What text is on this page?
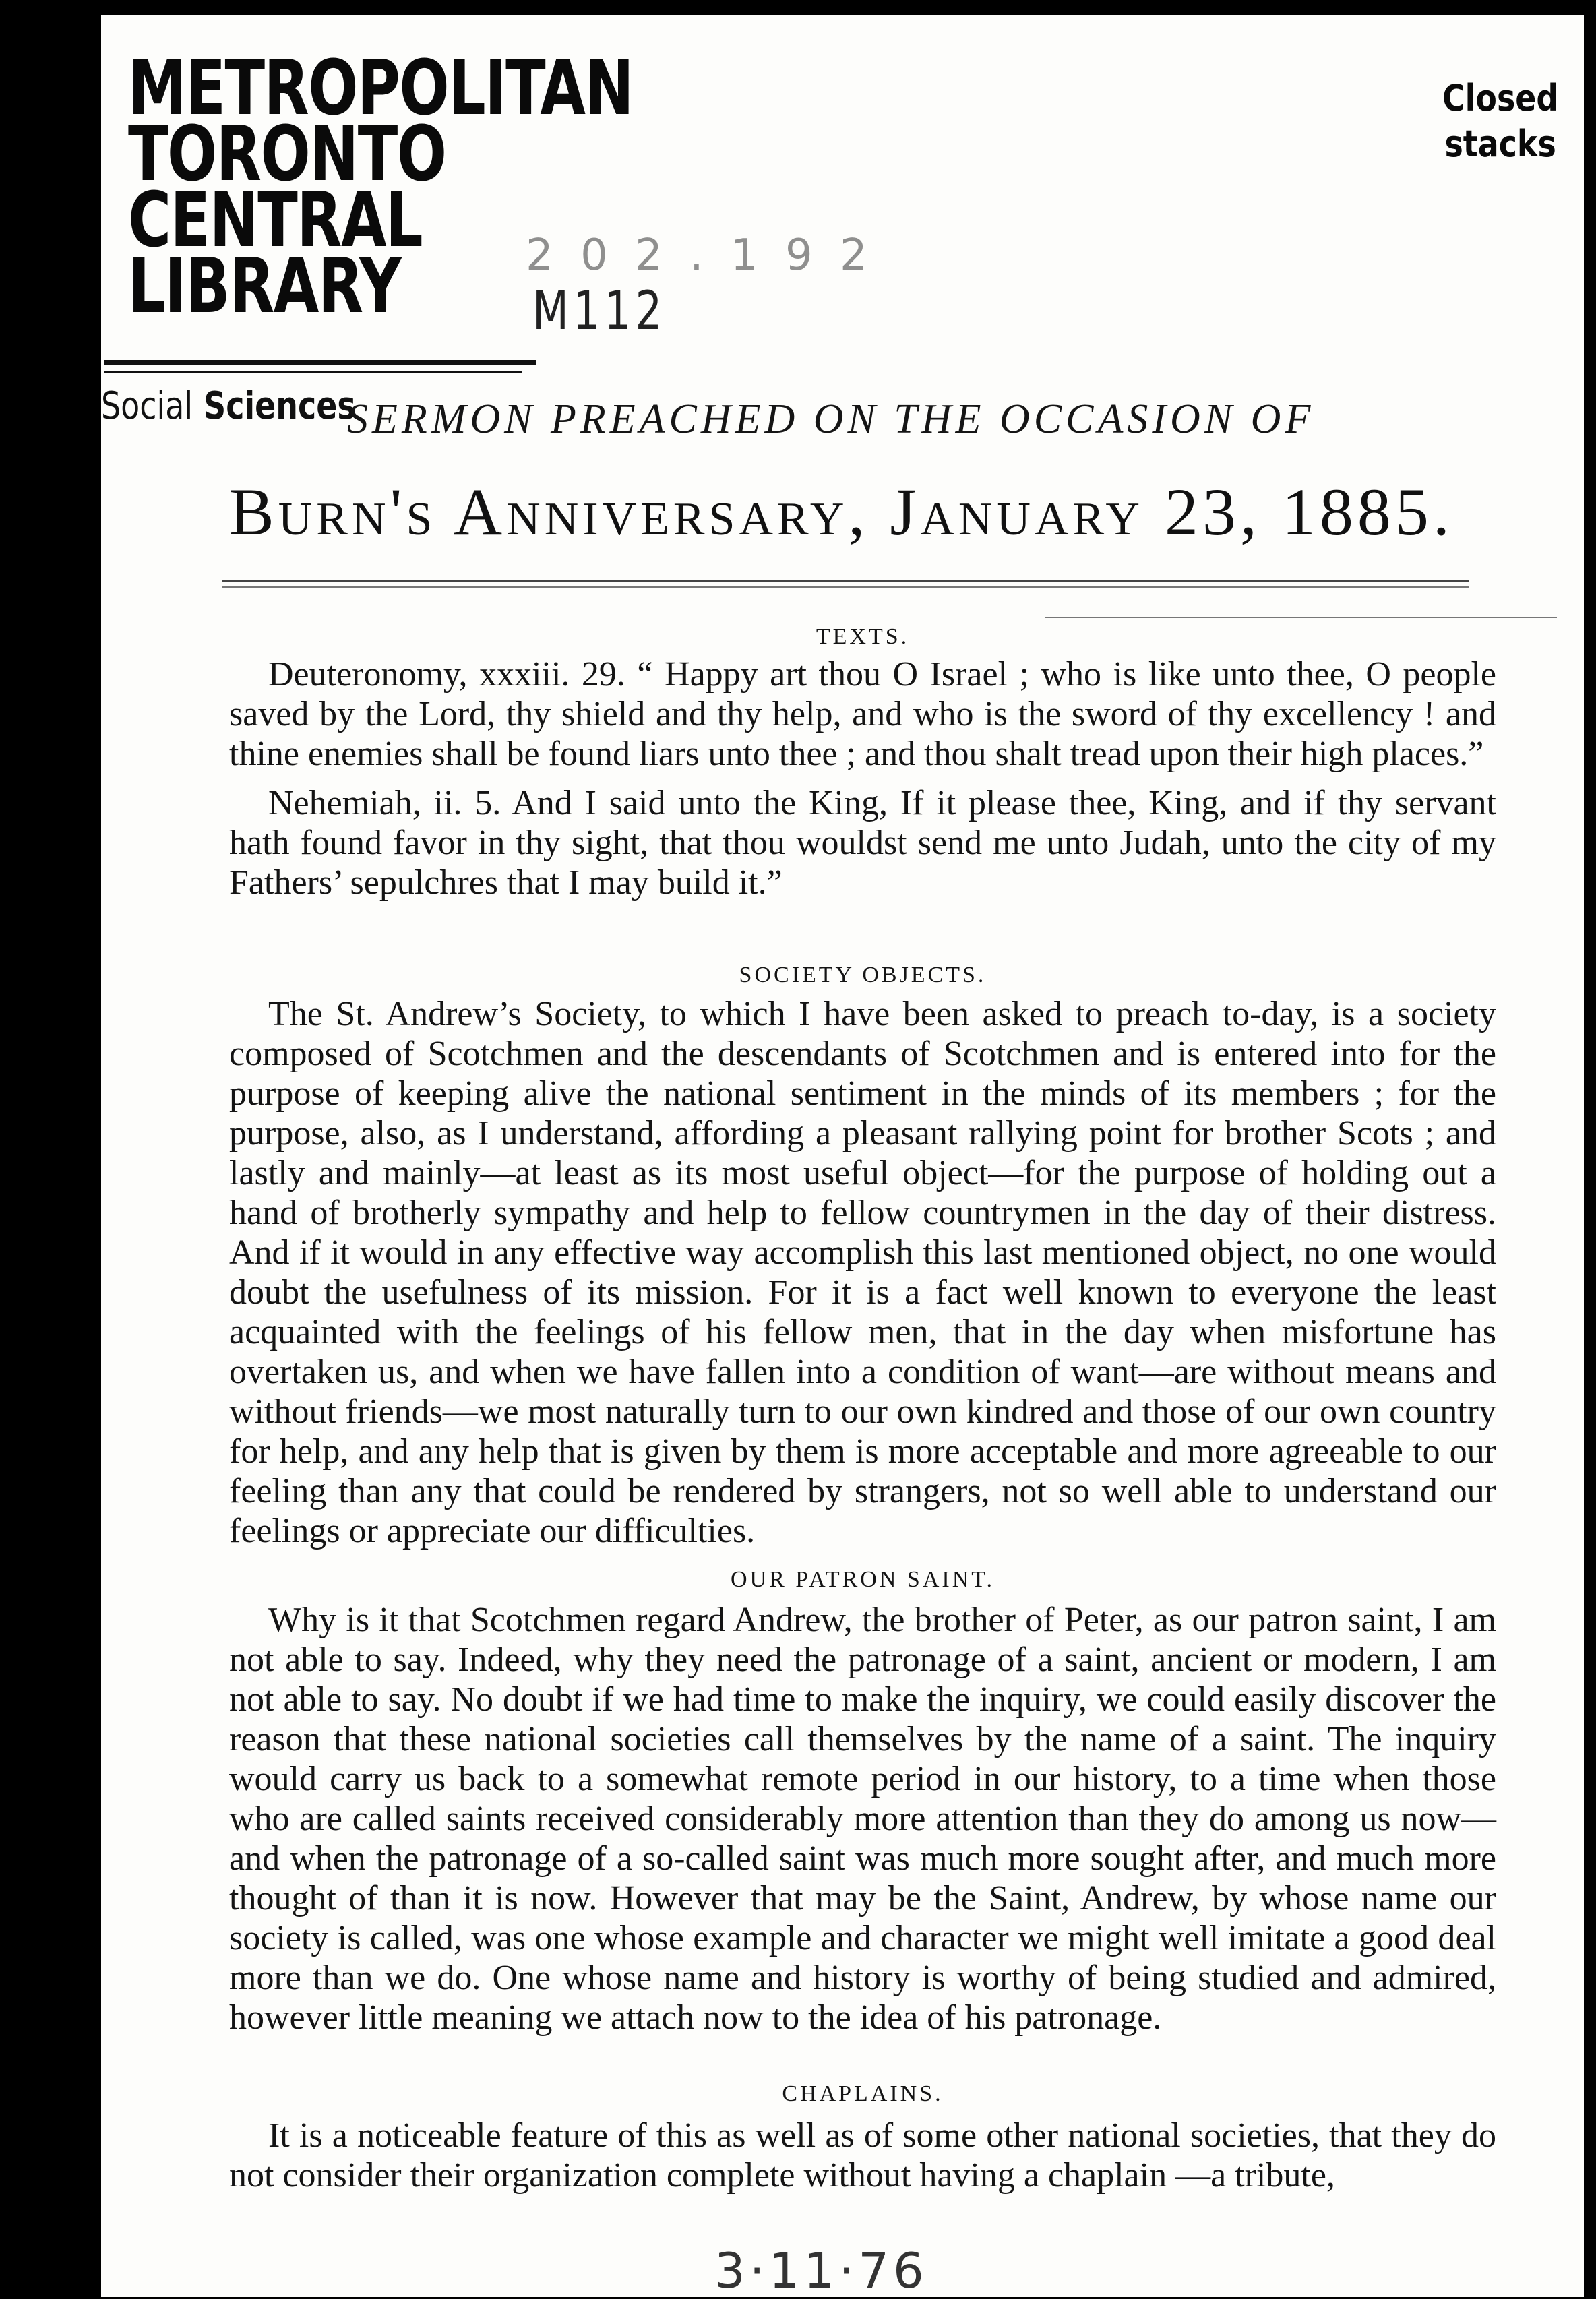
METROPOLITAN
TORONTO
CENTRAL
LIBRARY
Social Sciences
2 0 2 . 1 9 2
M112
Closed
stacks
SERMON PREACHED ON THE OCCASION OF
Burn's Anniversary, January 23, 1885.

TEXTS.

Deuteronomy, xxxiii. 29. “ Happy art thou O Israel ; who is like unto thee, O people saved by the Lord, thy shield and thy help, and who is the sword of thy excellency ! and thine enemies shall be found liars unto thee ; and thou shalt tread upon their high places.”

Nehemiah, ii. 5. And I said unto the King, If it please thee, King, and if thy servant hath found favor in thy sight, that thou wouldst send me unto Judah, unto the city of my Fathers’ sepulchres that I may build it.”

SOCIETY OBJECTS.

The St. Andrew’s Society, to which I have been asked to preach to-day, is a society composed of Scotchmen and the descendants of Scotchmen and is entered into for the purpose of keeping alive the national sentiment in the minds of its members ; for the purpose, also, as I understand, affording a pleasant rallying point for brother Scots ; and lastly and mainly—at least as its most useful object—for the purpose of holding out a hand of brotherly sympathy and help to fellow countrymen in the day of their distress. And if it would in any effective way accomplish this last mentioned object, no one would doubt the usefulness of its mission. For it is a fact well known to everyone the least acquainted with the feelings of his fellow men, that in the day when misfortune has overtaken us, and when we have fallen into a condition of want—are without means and without friends—we most naturally turn to our own kindred and those of our own country for help, and any help that is given by them is more acceptable and more agreeable to our feeling than any that could be rendered by strangers, not so well able to understand our feelings or appreciate our difficulties.

OUR PATRON SAINT.

Why is it that Scotchmen regard Andrew, the brother of Peter, as our patron saint, I am not able to say. Indeed, why they need the patronage of a saint, ancient or modern, I am not able to say. No doubt if we had time to make the inquiry, we could easily discover the reason that these national societies call themselves by the name of a saint. The inquiry would carry us back to a somewhat remote period in our history, to a time when those who are called saints received considerably more attention than they do among us now—and when the patronage of a so-called saint was much more sought after, and much more thought of than it is now. However that may be the Saint, Andrew, by whose name our society is called, was one whose example and character we might well imitate a good deal more than we do. One whose name and history is worthy of being studied and admired, however little meaning we attach now to the idea of his patronage.

CHAPLAINS.

It is a noticeable feature of this as well as of some other national societies, that they do not consider their organization complete without having a chaplain —a tribute,

3·11·76
